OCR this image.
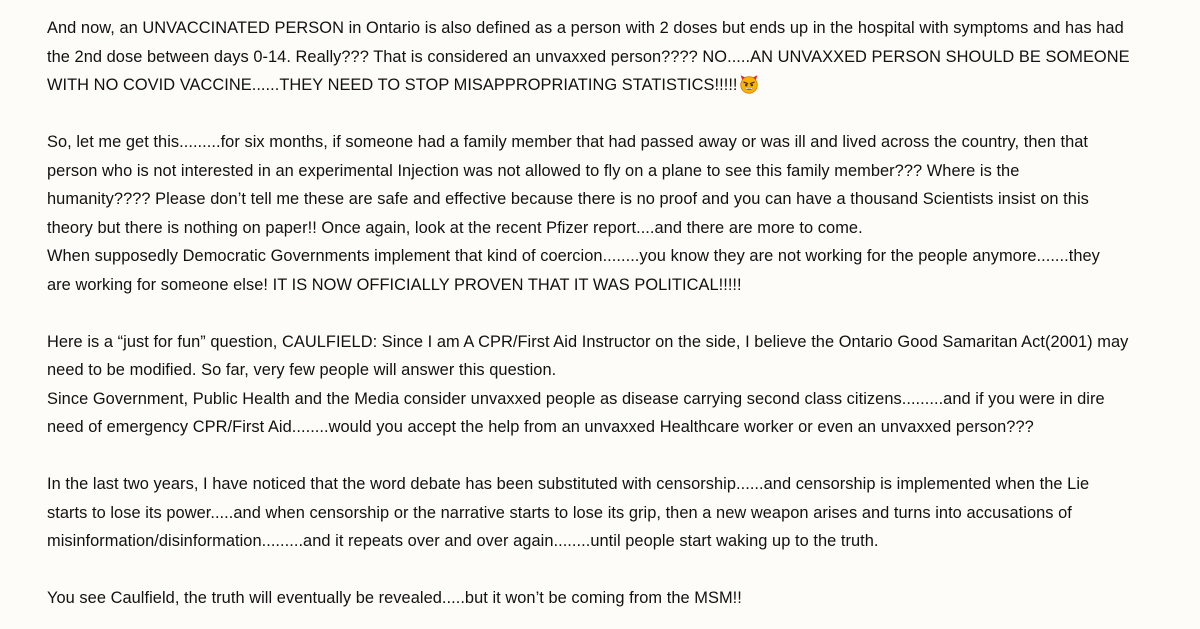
And now, an UNVACCINATED PERSON in Ontario is also defined as a person with 2 doses but ends up in the hospital with symptoms and has had
the 2nd dose between days 0-14. Really??? That is considered an unvaxxed person???? NO.....AN UNVAXXED PERSON SHOULD BE SOMEONE
WITH NO COVID VACCINE......THEY NEED TO STOP MISAPPROPRIATING STATISTICS!!!!!

So, let me get this.........for six months, if someone had a family member that had passed away or was ill and lived across the country, then that
person who is not interested in an experimental Injection was not allowed to fly on a plane to see this family member??? Where is the
humanity???? Please don’t tell me these are safe and effective because there is no proof and you can have a thousand Scientists insist on this
theory but there is nothing on paper!! Once again, look at the recent Pfizer report....and there are more to come.
When supposedly Democratic Governments implement that kind of coercion........you know they are not working for the people anymore.......they
are working for someone else! IT IS NOW OFFICIALLY PROVEN THAT IT WAS POLITICAL!!!!!

Here is a “just for fun” question, CAULFIELD: Since I am A CPR/First Aid Instructor on the side, I believe the Ontario Good Samaritan Act(2001) may
need to be modified. So far, very few people will answer this question.
Since Government, Public Health and the Media consider unvaxxed people as disease carrying second class citizens.........and if you were in dire
need of emergency CPR/First Aid........would you accept the help from an unvaxxed Healthcare worker or even an unvaxxed person???

In the last two years, I have noticed that the word debate has been substituted with censorship......and censorship is implemented when the Lie
starts to lose its power.....and when censorship or the narrative starts to lose its grip, then a new weapon arises and turns into accusations of
misinformation/disinformation.........and it repeats over and over again........until people start waking up to the truth.

You see Caulfield, the truth will eventually be revealed.....but it won’t be coming from the MSM!!
